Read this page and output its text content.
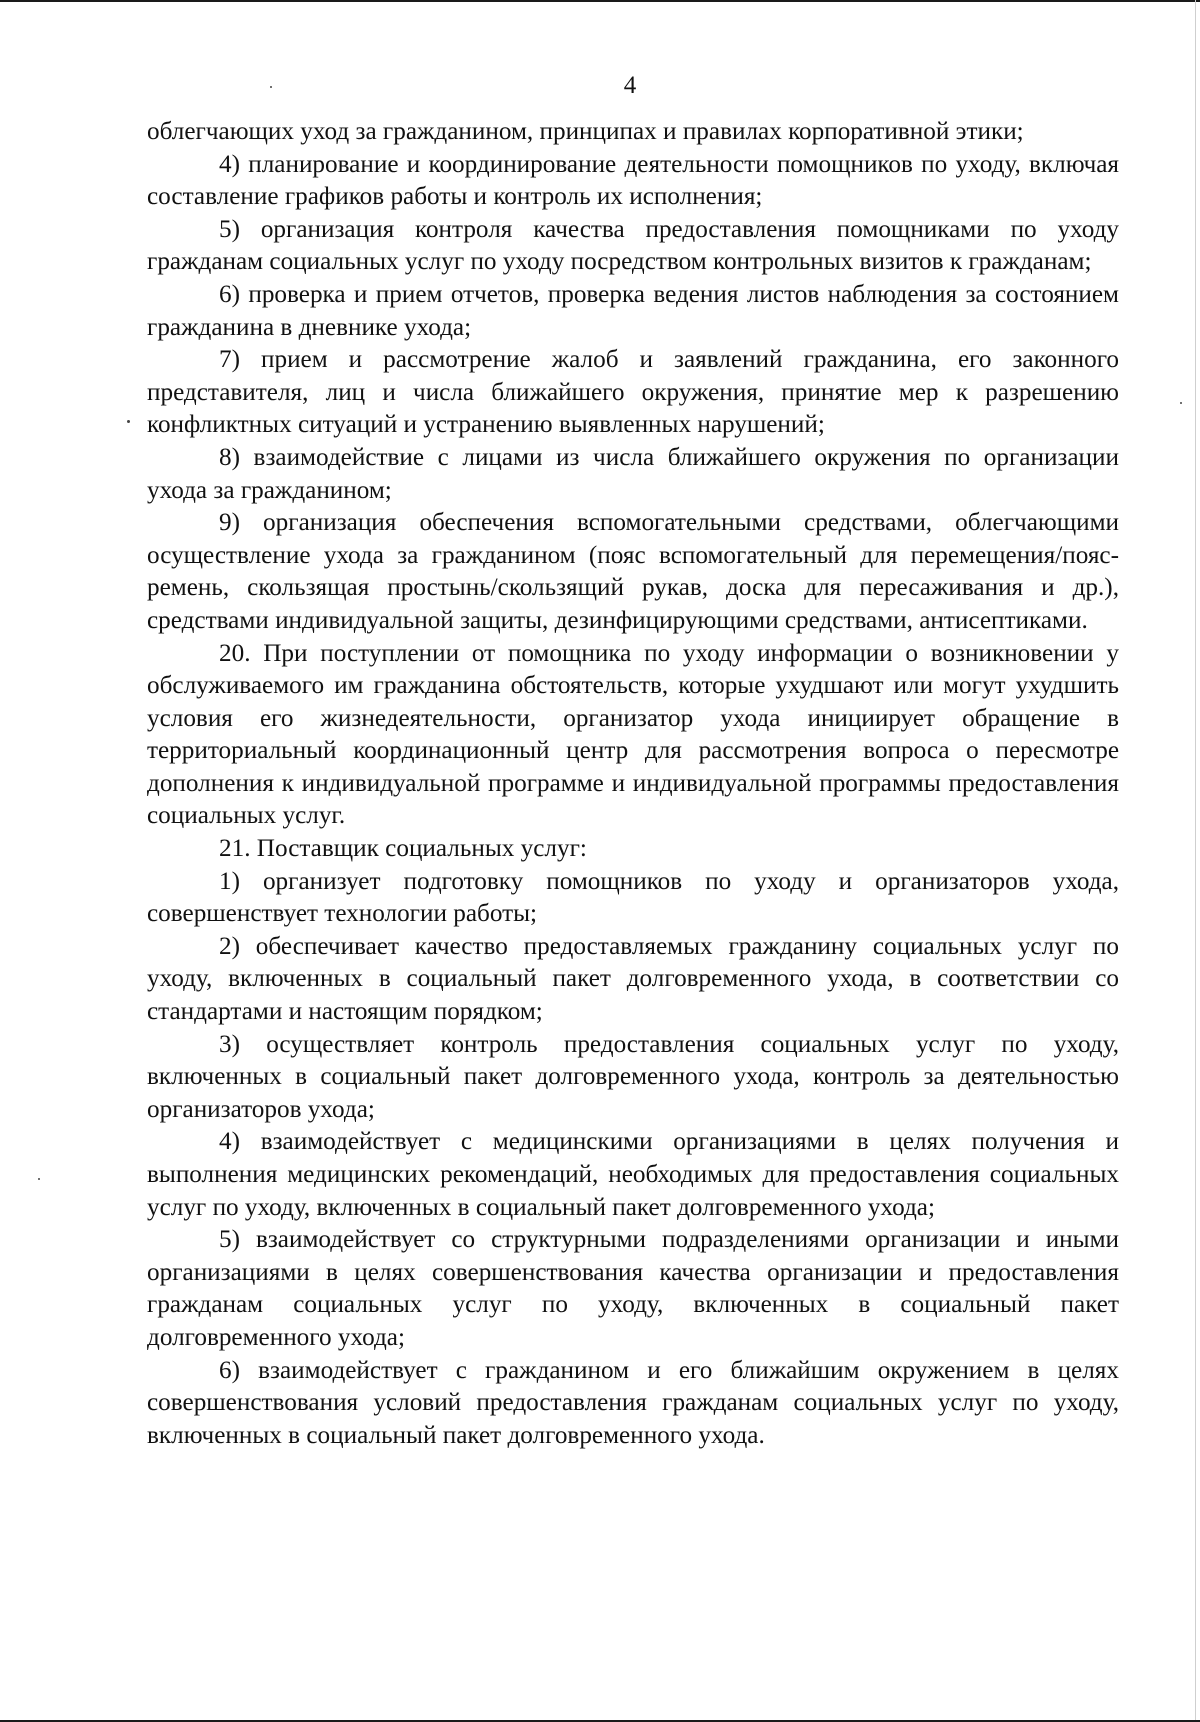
4

облегчающих уход за гражданином, принципах и правилах корпоративной этики;

4) планирование и координирование деятельности помощников по уходу, включая составление графиков работы и контроль их исполнения;

5) организация контроля качества предоставления помощниками по уходу гражданам социальных услуг по уходу посредством контрольных визитов к гражданам;

6) проверка и прием отчетов, проверка ведения листов наблюдения за состоянием гражданина в дневнике ухода;

7) прием и рассмотрение жалоб и заявлений гражданина, его законного представителя, лиц и числа ближайшего окружения, принятие мер к разрешению конфликтных ситуаций и устранению выявленных нарушений;

8) взаимодействие с лицами из числа ближайшего окружения по организации ухода за гражданином;

9) организация обеспечения вспомогательными средствами, облегчающими осуществление ухода за гражданином (пояс вспомогательный для перемещения/пояс-ремень, скользящая простынь/скользящий рукав, доска для пересаживания и др.), средствами индивидуальной защиты, дезинфицирующими средствами, антисептиками.

20. При поступлении от помощника по уходу информации о возникновении у обслуживаемого им гражданина обстоятельств, которые ухудшают или могут ухудшить условия его жизнедеятельности, организатор ухода инициирует обращение в территориальный координационный центр для рассмотрения вопроса о пересмотре дополнения к индивидуальной программе и индивидуальной программы предоставления социальных услуг.

21. Поставщик социальных услуг:

1) организует подготовку помощников по уходу и организаторов ухода, совершенствует технологии работы;

2) обеспечивает качество предоставляемых гражданину социальных услуг по уходу, включенных в социальный пакет долговременного ухода, в соответствии со стандартами и настоящим порядком;

3) осуществляет контроль предоставления социальных услуг по уходу, включенных в социальный пакет долговременного ухода, контроль за деятельностью организаторов ухода;

4) взаимодействует с медицинскими организациями в целях получения и выполнения медицинских рекомендаций, необходимых для предоставления социальных услуг по уходу, включенных в социальный пакет долговременного ухода;

5) взаимодействует со структурными подразделениями организации и иными организациями в целях совершенствования качества организации и предоставления гражданам социальных услуг по уходу, включенных в социальный пакет долговременного ухода;

6) взаимодействует с гражданином и его ближайшим окружением в целях совершенствования условий предоставления гражданам социальных услуг по уходу, включенных в социальный пакет долговременного ухода.
